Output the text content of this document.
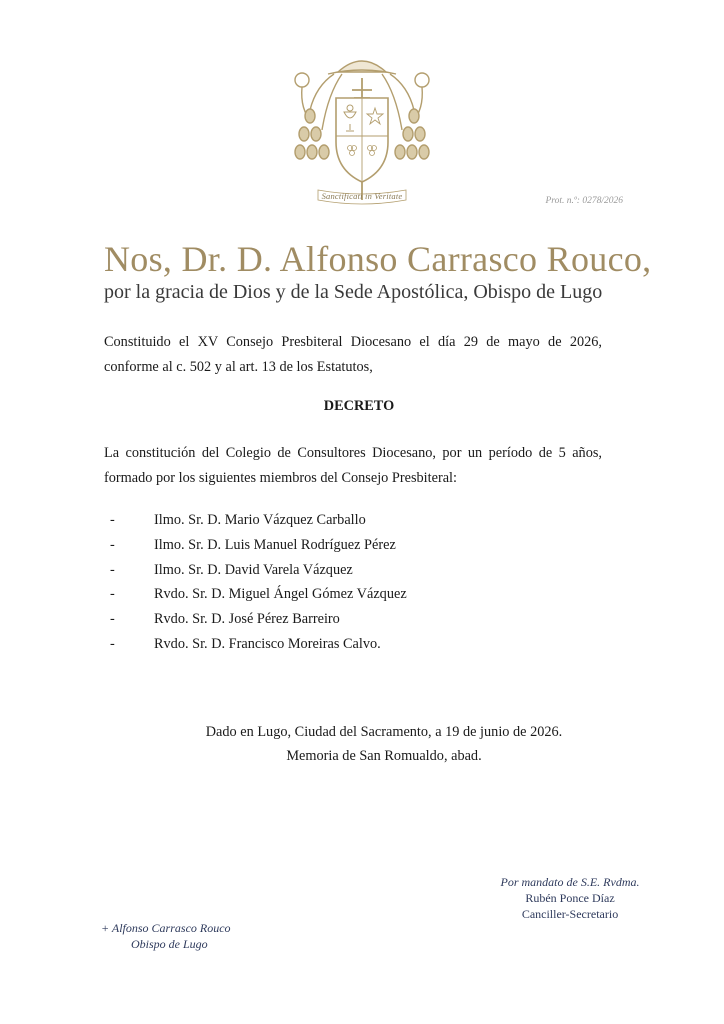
Sanctificati in Veritate	Prot. n.º: 0278/2026
Nos, Dr. D. Alfonso Carrasco Rouco,
por la gracia de Dios y de la Sede Apostólica, Obispo de Lugo

Constituido el XV Consejo Presbiteral Diocesano el día 29 de mayo de 2026, conforme al c. 502 y al art. 13 de los Estatutos,

DECRETO

La constitución del Colegio de Consultores Diocesano, por un período de 5 años, formado por los siguientes miembros del Consejo Presbiteral:

-	Ilmo. Sr. D. Mario Vázquez Carballo
-	Ilmo. Sr. D. Luis Manuel Rodríguez Pérez
-	Ilmo. Sr. D. David Varela Vázquez
-	Rvdo. Sr. D. Miguel Ángel Gómez Vázquez
-	Rvdo. Sr. D. José Pérez Barreiro
-	Rvdo. Sr. D. Francisco Moreiras Calvo.
Dado en Lugo, Ciudad del Sacramento, a 19 de junio de 2026.
Memoria de San Romualdo, abad.
Por mandato de S.E. Rvdma.
Rubén Ponce Díaz
Canciller-Secretario
+ Alfonso Carrasco Rouco
Obispo de Lugo
